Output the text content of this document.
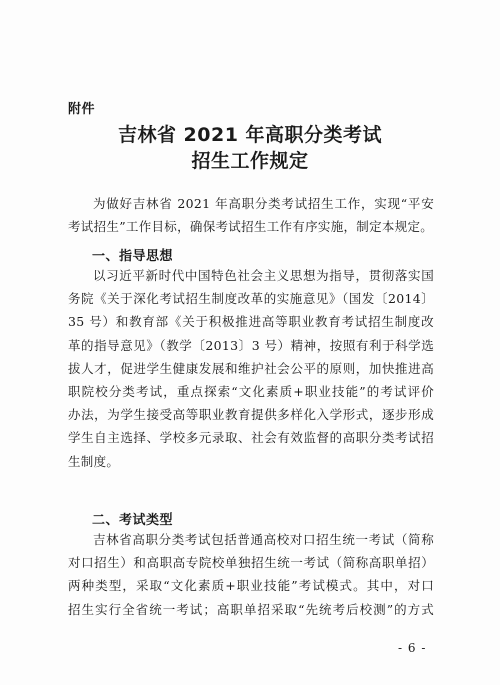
附件
吉林省 2021 年高职分类考试
招生工作规定
为做好吉林省 2021 年高职分类考试招生工作，实现“平安
考试招生”工作目标，确保考试招生工作有序实施，制定本规定。
一、指导思想
以习近平新时代中国特色社会主义思想为指导，贯彻落实国
务院《关于深化考试招生制度改革的实施意见》（国发〔2014〕
35 号）和教育部《关于积极推进高等职业教育考试招生制度改
革的指导意见》（教学〔2013〕3 号）精神，按照有利于科学选
拔人才，促进学生健康发展和维护社会公平的原则，加快推进高
职院校分类考试，重点探索“文化素质+职业技能”的考试评价
办法，为学生接受高等职业教育提供多样化入学形式，逐步形成
学生自主选择、学校多元录取、社会有效监督的高职分类考试招
生制度。
二、考试类型
吉林省高职分类考试包括普通高校对口招生统一考试（简称
对口招生）和高职高专院校单独招生统一考试（简称高职单招）
两种类型，采取“文化素质+职业技能”考试模式。其中，对口
招生实行全省统一考试；高职单招采取“先统考后校测”的方式
- 6 -
